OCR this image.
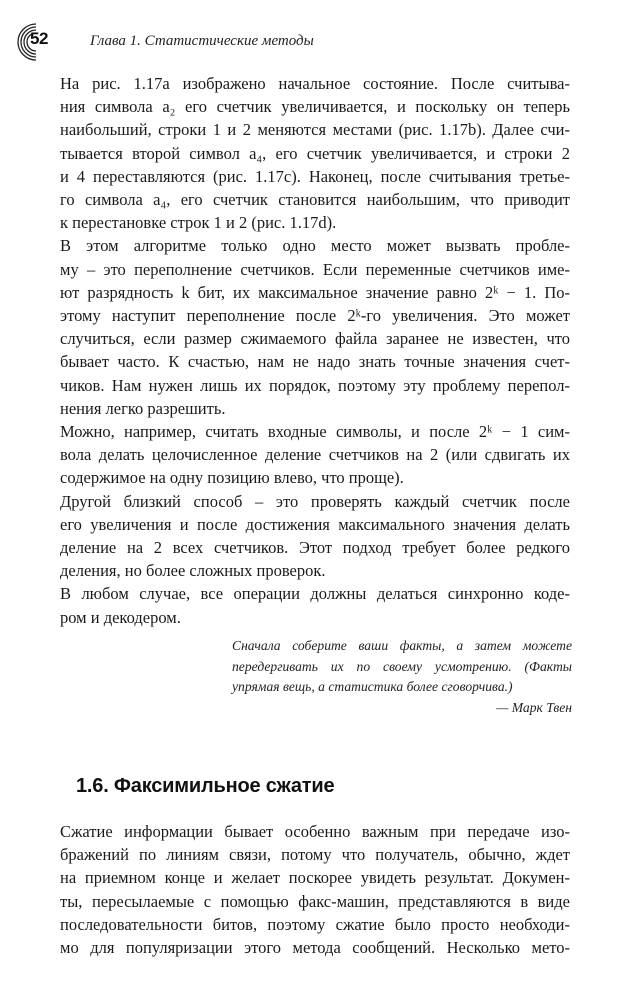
52	Глава 1. Статистические методы

На рис. 1.17a изображено начальное состояние. После считыва-
ния символа a₂ его счетчик увеличивается, и поскольку он теперь
наибольший, строки 1 и 2 меняются местами (рис. 1.17b). Далее счи-
тывается второй символ a₄, его счетчик увеличивается, и строки 2
и 4 переставляются (рис. 1.17c). Наконец, после считывания третье-
го символа a₄, его счетчик становится наибольшим, что приводит
к перестановке строк 1 и 2 (рис. 1.17d).

В этом алгоритме только одно место может вызвать пробле-
му – это переполнение счетчиков. Если переменные счетчиков име-
ют разрядность k бит, их максимальное значение равно 2ᵏ − 1. По-
этому наступит переполнение после 2ᵏ-го увеличения. Это может
случиться, если размер сжимаемого файла заранее не известен, что
бывает часто. К счастью, нам не надо знать точные значения счет-
чиков. Нам нужен лишь их порядок, поэтому эту проблему перепол-
нения легко разрешить.

Можно, например, считать входные символы, и после 2ᵏ − 1 сим-
вола делать целочисленное деление счетчиков на 2 (или сдвигать их
содержимое на одну позицию влево, что проще).

Другой близкий способ – это проверять каждый счетчик после
его увеличения и после достижения максимального значения делать
деление на 2 всех счетчиков. Этот подход требует более редкого
деления, но более сложных проверок.

В любом случае, все операции должны делаться синхронно кодe-
ром и декодером.

Сначала соберите ваши факты, а затем можете
передергивать их по своему усмотрению. (Факты
упрямая вещь, а статистика более сговорчива.)
— Марк Твен
1.6. Факсимильное сжатие

Сжатие информации бывает особенно важным при передаче изо-
бражений по линиям связи, потому что получатель, обычно, ждет
на приемном конце и желает поскорее увидеть результат. Докумен-
ты, пересылаемые с помощью факс-машин, представляются в виде
последовательности битов, поэтому сжатие было просто необходи-
мо для популяризации этого метода сообщений. Несколько мето-
